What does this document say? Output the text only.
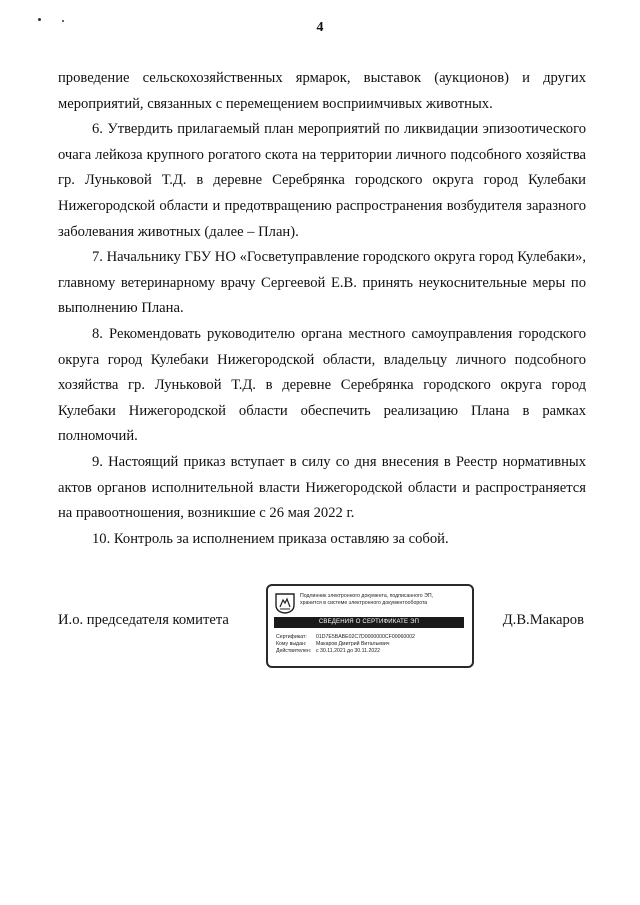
4

проведение сельскохозяйственных ярмарок, выставок (аукционов) и других мероприятий, связанных с перемещением восприимчивых животных.

6. Утвердить прилагаемый план мероприятий по ликвидации эпизоотического очага лейкоза крупного рогатого скота на территории личного подсобного хозяйства гр. Луньковой Т.Д. в деревне Серебрянка городского округа город Кулебаки Нижегородской области и предотвращению распространения возбудителя заразного заболевания животных (далее – План).

7. Начальнику ГБУ НО «Госветуправление городского округа город Кулебаки», главному ветеринарному врачу Сергеевой Е.В. принять неукоснительные меры по выполнению Плана.

8. Рекомендовать руководителю органа местного самоуправления городского округа город Кулебаки Нижегородской области, владельцу личного подсобного хозяйства гр. Луньковой Т.Д. в деревне Серебрянка городского округа город Кулебаки Нижегородской области обеспечить реализацию Плана в рамках полномочий.

9. Настоящий приказ вступает в силу со дня внесения в Реестр нормативных актов органов исполнительной власти Нижегородской области и распространяется на правоотношения, возникшие с 26 мая 2022 г.

10. Контроль за исполнением приказа оставляю за собой.

И.о. председателя комитета	Д.В.Макаров
Подлинник электронного документа, подписанного ЭП,
хранится в системе электронного документооборота
СВЕДЕНИЯ О СЕРТИФИКАТЕ ЭП
Сертификат: 01D7E5BABE02C7D0000000CF00060002
Кому выдан: Макаров Дмитрий Витальевич
Действителен: с 30.11.2021 до 30.11.2022
